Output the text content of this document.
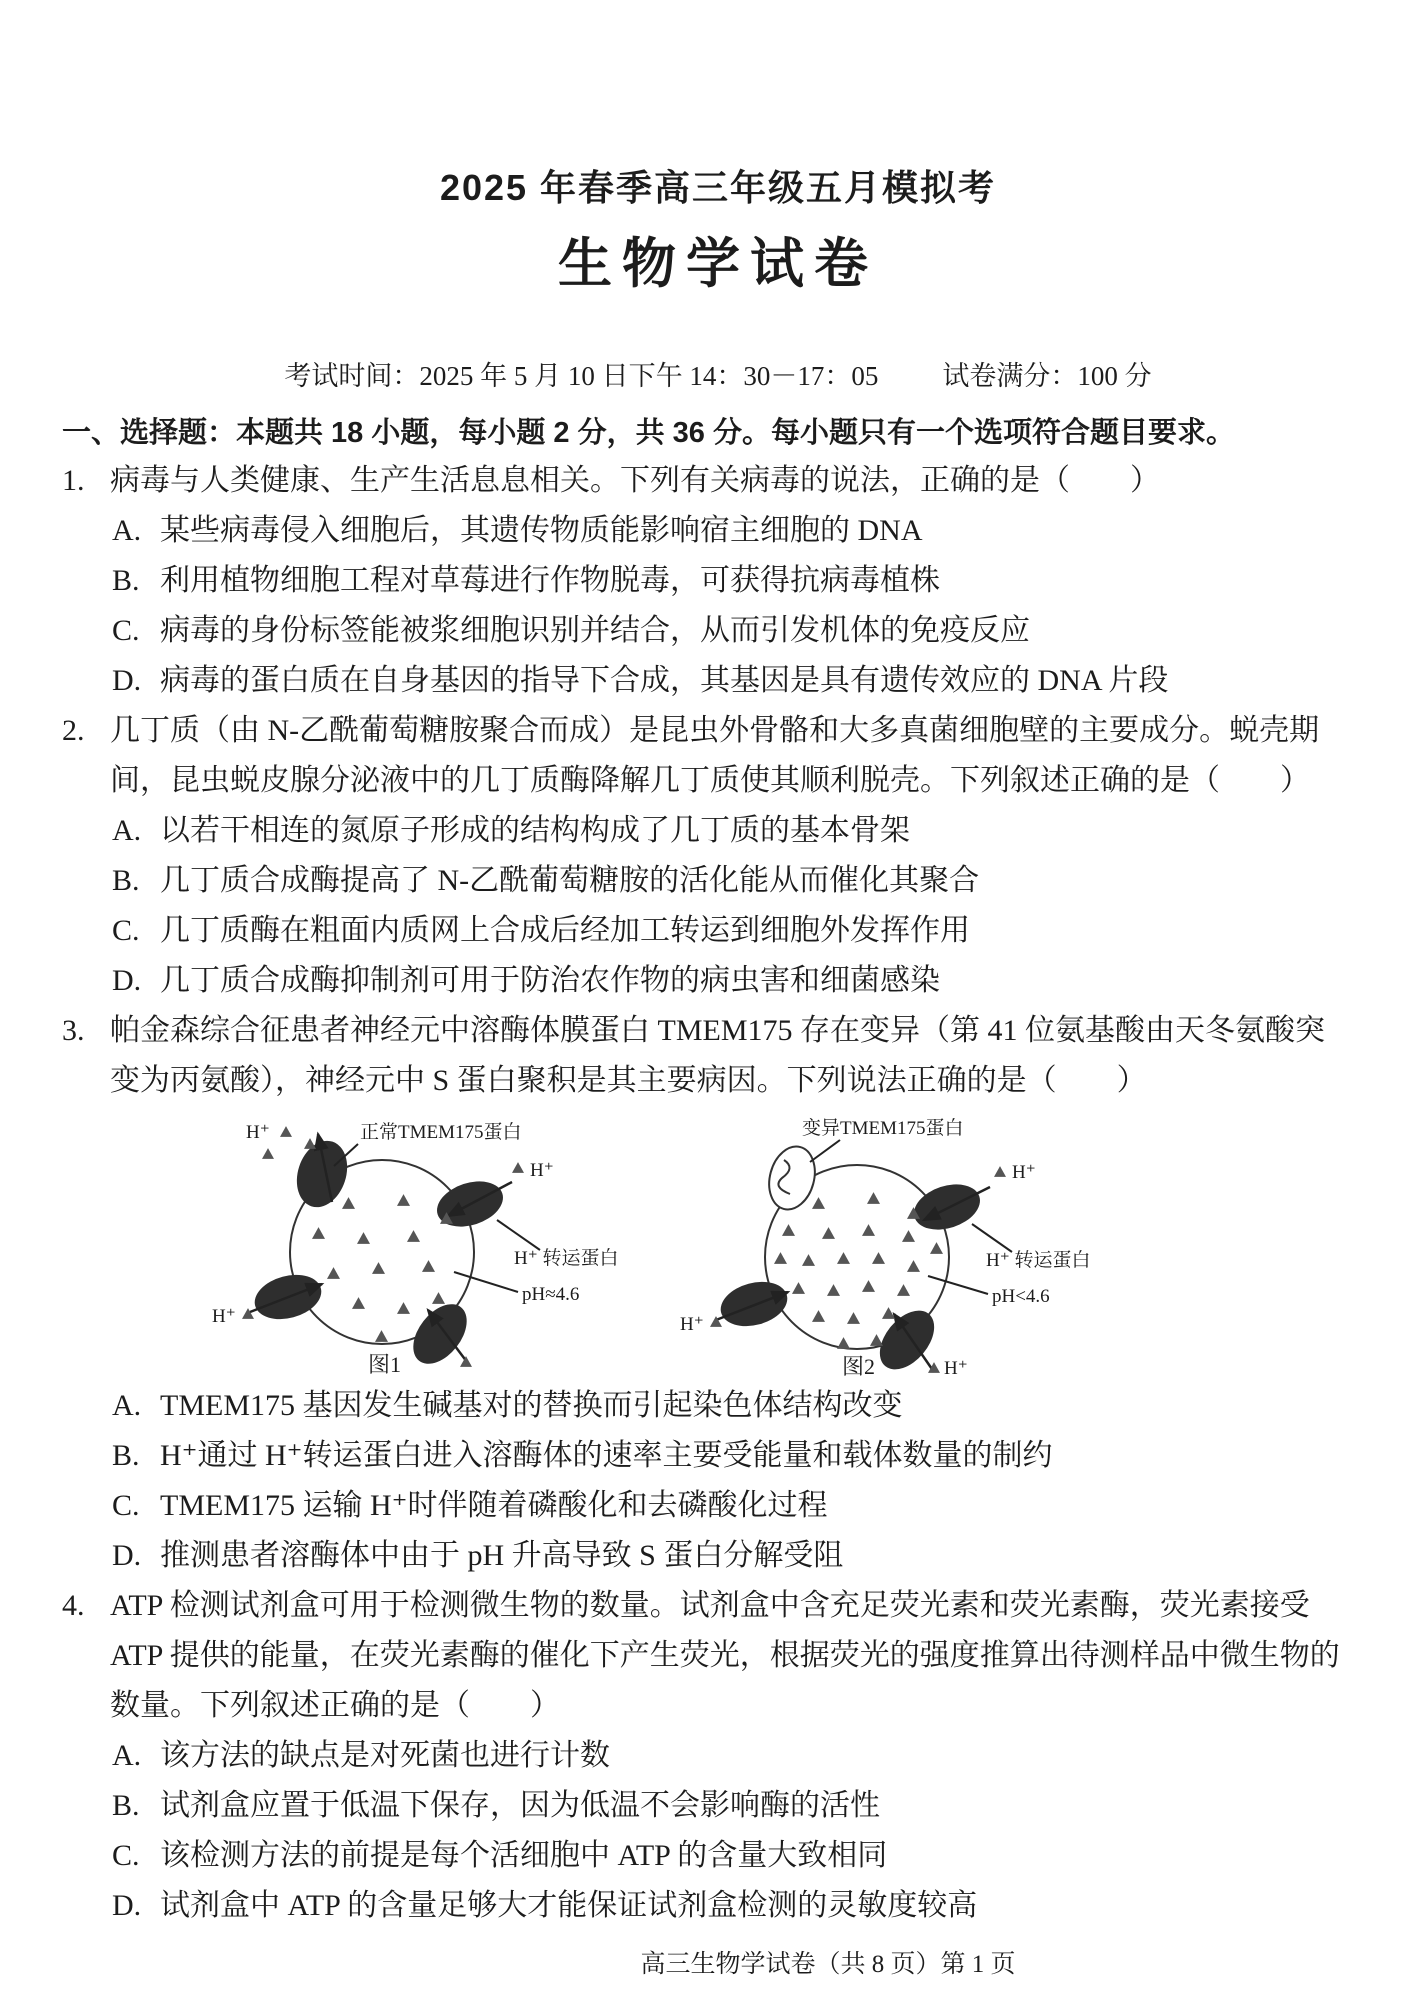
2025 年春季高三年级五月模拟考
生物学试卷
考试时间：2025 年 5 月 10 日下午 14：30－17：05 试卷满分：100 分
一、选择题：本题共 18 小题，每小题 2 分，共 36 分。每小题只有一个选项符合题目要求。
1. 病毒与人类健康、生产生活息息相关。下列有关病毒的说法，正确的是（　　）
A. 某些病毒侵入细胞后，其遗传物质能影响宿主细胞的 DNA
B. 利用植物细胞工程对草莓进行作物脱毒，可获得抗病毒植株
C. 病毒的身份标签能被浆细胞识别并结合，从而引发机体的免疫反应
D. 病毒的蛋白质在自身基因的指导下合成，其基因是具有遗传效应的 DNA 片段
2. 几丁质（由 N-乙酰葡萄糖胺聚合而成）是昆虫外骨骼和大多真菌细胞壁的主要成分。蜕壳期间，昆虫蜕皮腺分泌液中的几丁质酶降解几丁质使其顺利脱壳。下列叙述正确的是（　　）
A. 以若干相连的氮原子形成的结构构成了几丁质的基本骨架
B. 几丁质合成酶提高了 N-乙酰葡萄糖胺的活化能从而催化其聚合
C. 几丁质酶在粗面内质网上合成后经加工转运到细胞外发挥作用
D. 几丁质合成酶抑制剂可用于防治农作物的病虫害和细菌感染
3. 帕金森综合征患者神经元中溶酶体膜蛋白 TMEM175 存在变异（第 41 位氨基酸由天冬氨酸突变为丙氨酸），神经元中 S 蛋白聚积是其主要病因。下列说法正确的是（　　）
H⁺	正常TMEM175蛋白
H⁺
H⁺ 转运蛋白
pH≈4.6
H⁺
图1
变异TMEM175蛋白
H⁺
H⁺ 转运蛋白
pH<4.6
H⁺
H⁺
图2
A. TMEM175 基因发生碱基对的替换而引起染色体结构改变
B. H⁺通过 H⁺转运蛋白进入溶酶体的速率主要受能量和载体数量的制约
C. TMEM175 运输 H⁺时伴随着磷酸化和去磷酸化过程
D. 推测患者溶酶体中由于 pH 升高导致 S 蛋白分解受阻
4. ATP 检测试剂盒可用于检测微生物的数量。试剂盒中含充足荧光素和荧光素酶，荧光素接受 ATP 提供的能量，在荧光素酶的催化下产生荧光，根据荧光的强度推算出待测样品中微生物的数量。下列叙述正确的是（　　）
A. 该方法的缺点是对死菌也进行计数
B. 试剂盒应置于低温下保存，因为低温不会影响酶的活性
C. 该检测方法的前提是每个活细胞中 ATP 的含量大致相同
D. 试剂盒中 ATP 的含量足够大才能保证试剂盒检测的灵敏度较高
高三生物学试卷（共 8 页）第 1 页
